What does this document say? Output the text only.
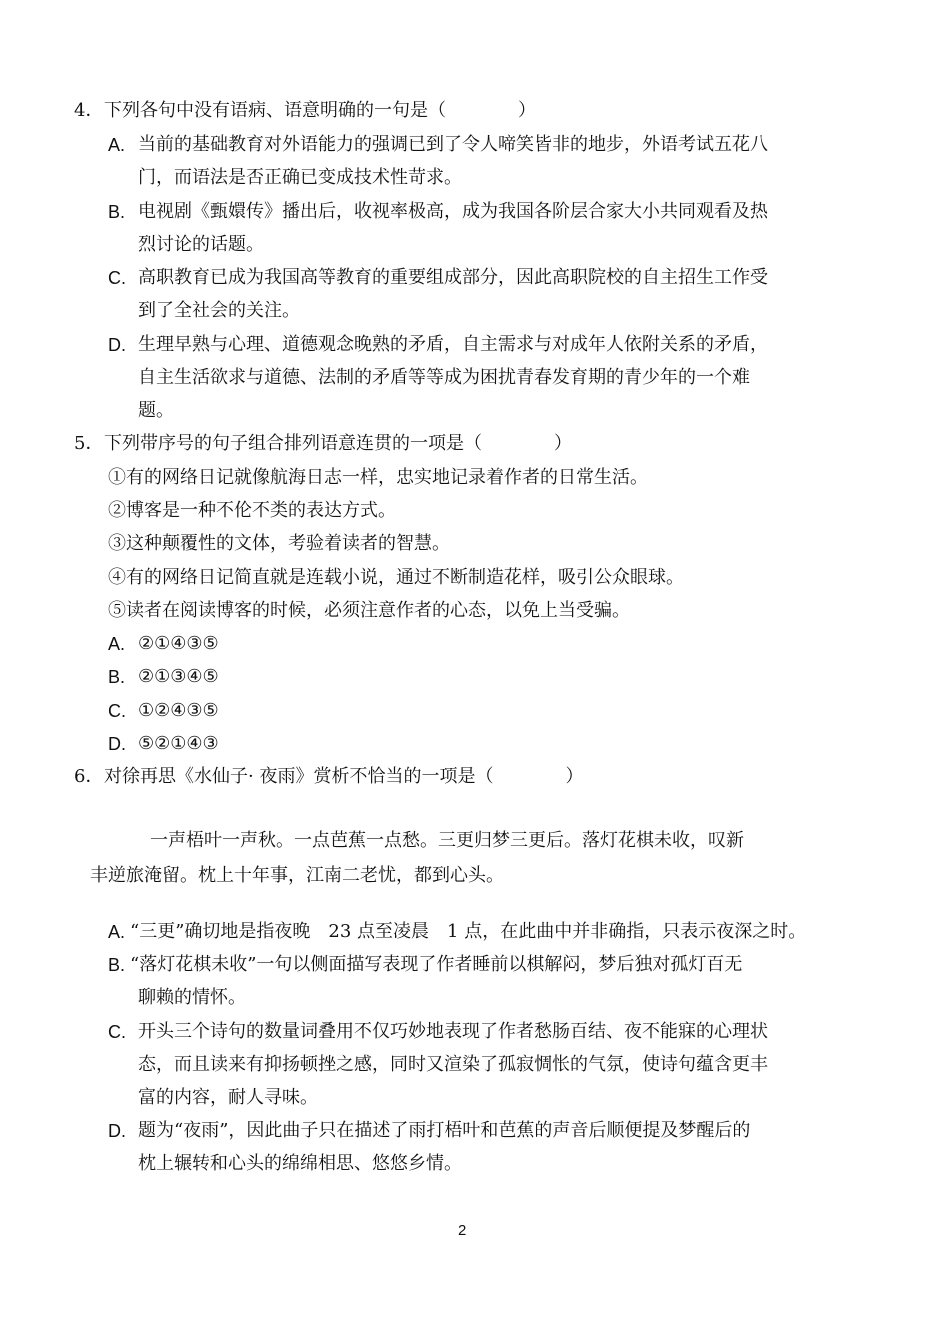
4． 下列各句中没有语病、语意明确的一句是（　　　　）
A. 当前的基础教育对外语能力的强调已到了令人啼笑皆非的地步，外语考试五花八
门，而语法是否正确已变成技术性苛求。
B. 电视剧《甄嬛传》播出后，收视率极高，成为我国各阶层合家大小共同观看及热
烈讨论的话题。
C. 高职教育已成为我国高等教育的重要组成部分，因此高职院校的自主招生工作受
到了全社会的关注。
D. 生理早熟与心理、道德观念晚熟的矛盾，自主需求与对成年人依附关系的矛盾，
自主生活欲求与道德、法制的矛盾等等成为困扰青春发育期的青少年的一个难
题。
5． 下列带序号的句子组合排列语意连贯的一项是（　　　　）
①有的网络日记就像航海日志一样，忠实地记录着作者的日常生活。
②博客是一种不伦不类的表达方式。
③这种颠覆性的文体，考验着读者的智慧。
④有的网络日记简直就是连载小说，通过不断制造花样，吸引公众眼球。
⑤读者在阅读博客的时候，必须注意作者的心态，以免上当受骗。
A. ②①④③⑤
B. ②①③④⑤
C. ①②④③⑤
D. ⑤②①④③
6． 对徐再思《水仙子· 夜雨》赏析不恰当的一项是（　　　　）
一声梧叶一声秋。一点芭蕉一点愁。三更归梦三更后。落灯花棋未收，叹新
丰逆旅淹留。枕上十年事，江南二老忧，都到心头。
A. “三更”确切地是指夜晚　23 点至凌晨　1 点，在此曲中并非确指，只表示夜深之时。
B. “落灯花棋未收”一句以侧面描写表现了作者睡前以棋解闷，梦后独对孤灯百无
聊赖的情怀。
C. 开头三个诗句的数量词叠用不仅巧妙地表现了作者愁肠百结、夜不能寐的心理状
态，而且读来有抑扬顿挫之感，同时又渲染了孤寂惆怅的气氛，使诗句蕴含更丰
富的内容，耐人寻味。
D. 题为“夜雨”，因此曲子只在描述了雨打梧叶和芭蕉的声音后顺便提及梦醒后的
枕上辗转和心头的绵绵相思、悠悠乡情。
2
